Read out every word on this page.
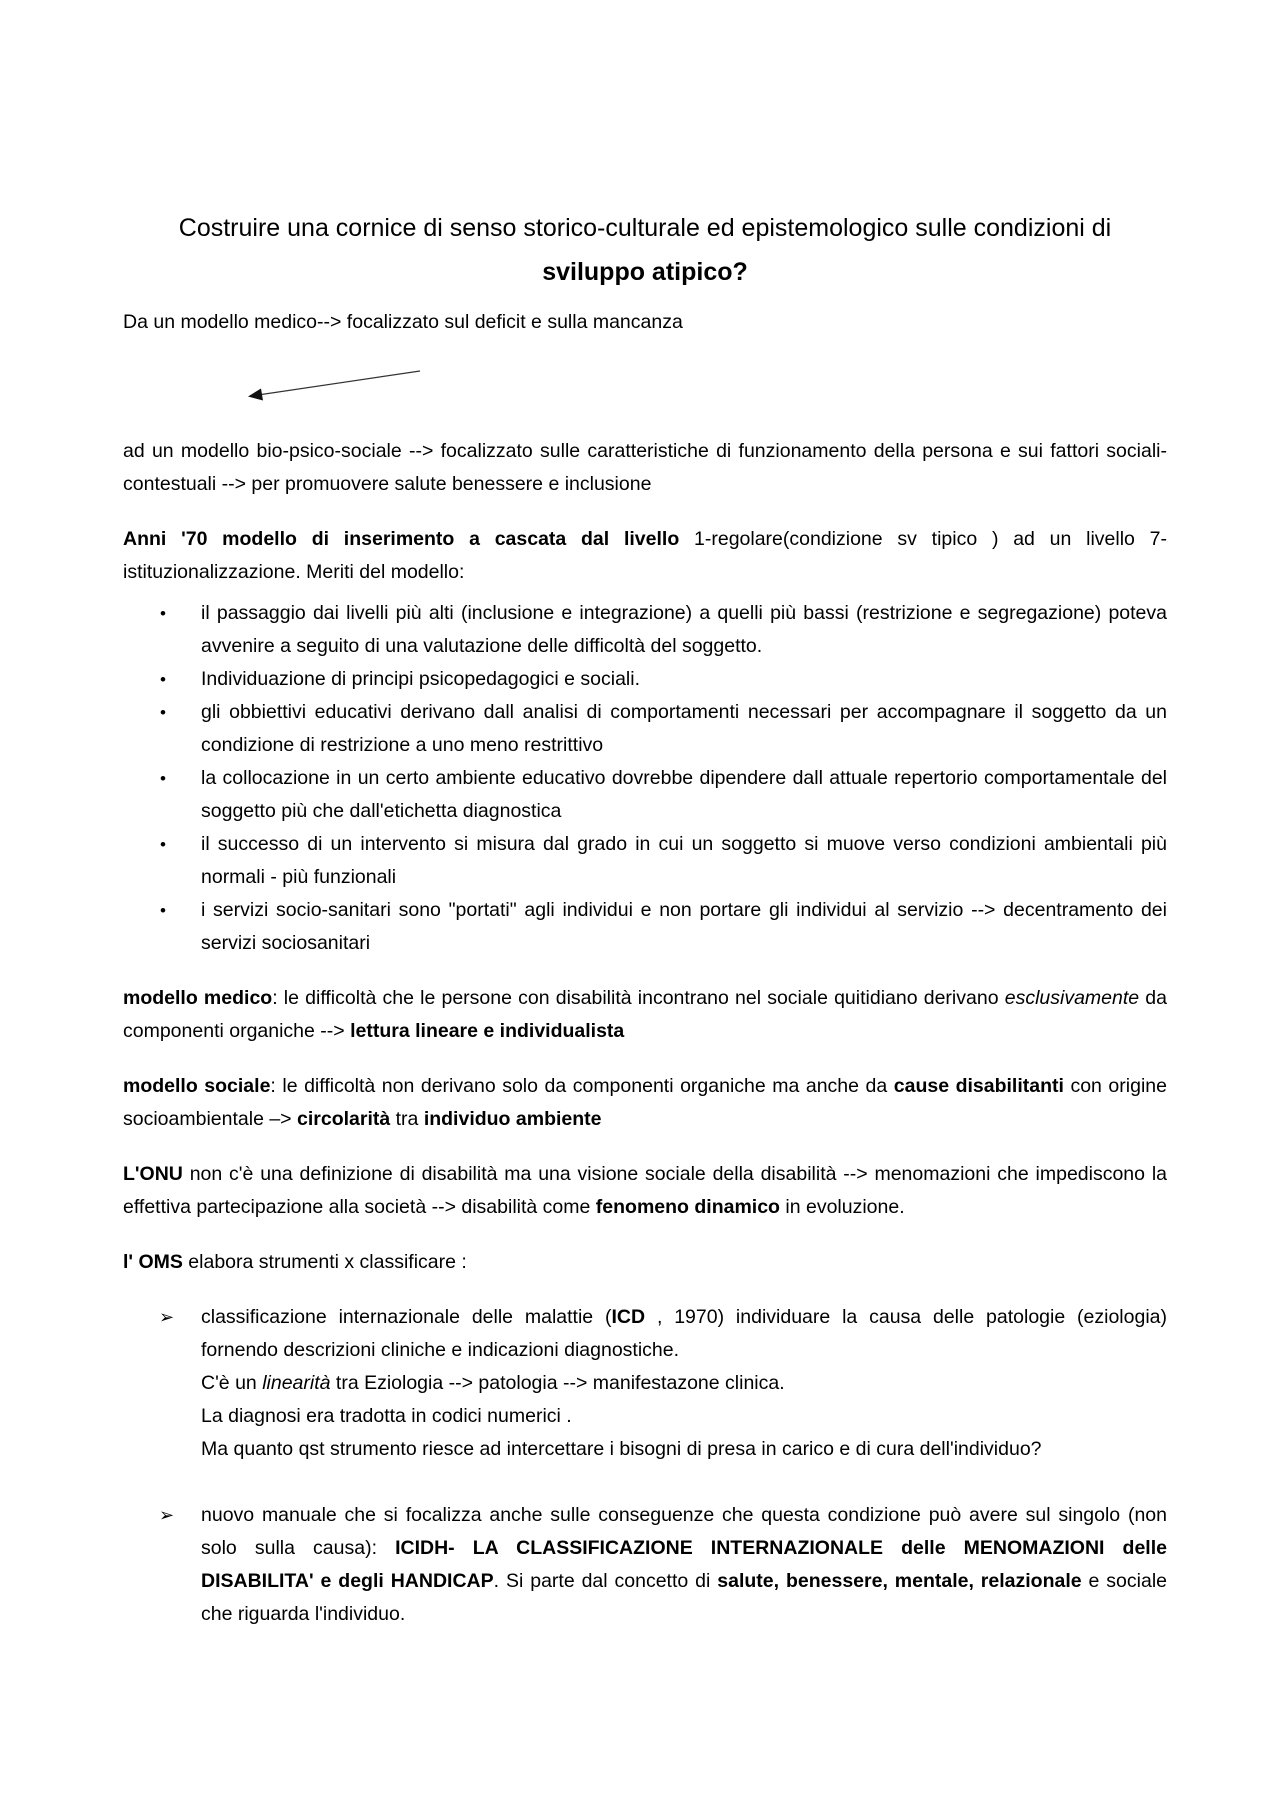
Costruire una cornice di senso storico-culturale ed epistemologico sulle condizioni di
sviluppo atipico?

Da un modello medico--> focalizzato sul deficit e sulla mancanza

ad un modello bio-psico-sociale --> focalizzato sulle caratteristiche di funzionamento della persona e sui fattori sociali-contestuali --> per promuovere salute benessere e inclusione

Anni '70 modello di inserimento a cascata dal livello 1-regolare(condizione sv tipico ) ad un livello 7-istituzionalizzazione. Meriti del modello:

• il passaggio dai livelli più alti (inclusione e integrazione) a quelli più bassi (restrizione e segregazione) poteva avvenire a seguito di una valutazione delle difficoltà del soggetto.
• Individuazione di principi psicopedagogici e sociali.
• gli obbiettivi educativi derivano dall analisi di comportamenti necessari per accompagnare il soggetto da un condizione di restrizione a uno meno restrittivo
• la collocazione in un certo ambiente educativo dovrebbe dipendere dall attuale repertorio comportamentale del soggetto più che dall'etichetta diagnostica
• il successo di un intervento si misura dal grado in cui un soggetto si muove verso condizioni ambientali più normali - più funzionali
• i servizi socio-sanitari sono "portati" agli individui e non portare gli individui al servizio --> decentramento dei servizi sociosanitari

modello medico: le difficoltà che le persone con disabilità incontrano nel sociale quitidiano derivano esclusivamente da componenti organiche --> lettura lineare e individualista

modello sociale: le difficoltà non derivano solo da componenti organiche ma anche da cause disabilitanti con origine socioambientale –> circolarità tra individuo ambiente

L'ONU non c'è una definizione di disabilità ma una visione sociale della disabilità --> menomazioni che impediscono la effettiva partecipazione alla società --> disabilità come fenomeno dinamico in evoluzione.

l' OMS elabora strumenti x classificare :

➢ classificazione internazionale delle malattie (ICD , 1970) individuare la causa delle patologie (eziologia) fornendo descrizioni cliniche e indicazioni diagnostiche.
C'è un linearità tra Eziologia --> patologia --> manifestazone clinica.
La diagnosi era tradotta in codici numerici .
Ma quanto qst strumento riesce ad intercettare i bisogni di presa in carico e di cura dell'individuo?
➢ nuovo manuale che si focalizza anche sulle conseguenze che questa condizione può avere sul singolo (non solo sulla causa): ICIDH- LA CLASSIFICAZIONE INTERNAZIONALE delle MENOMAZIONI delle DISABILITA' e degli HANDICAP. Si parte dal concetto di salute, benessere, mentale, relazionale e sociale che riguarda l'individuo.
